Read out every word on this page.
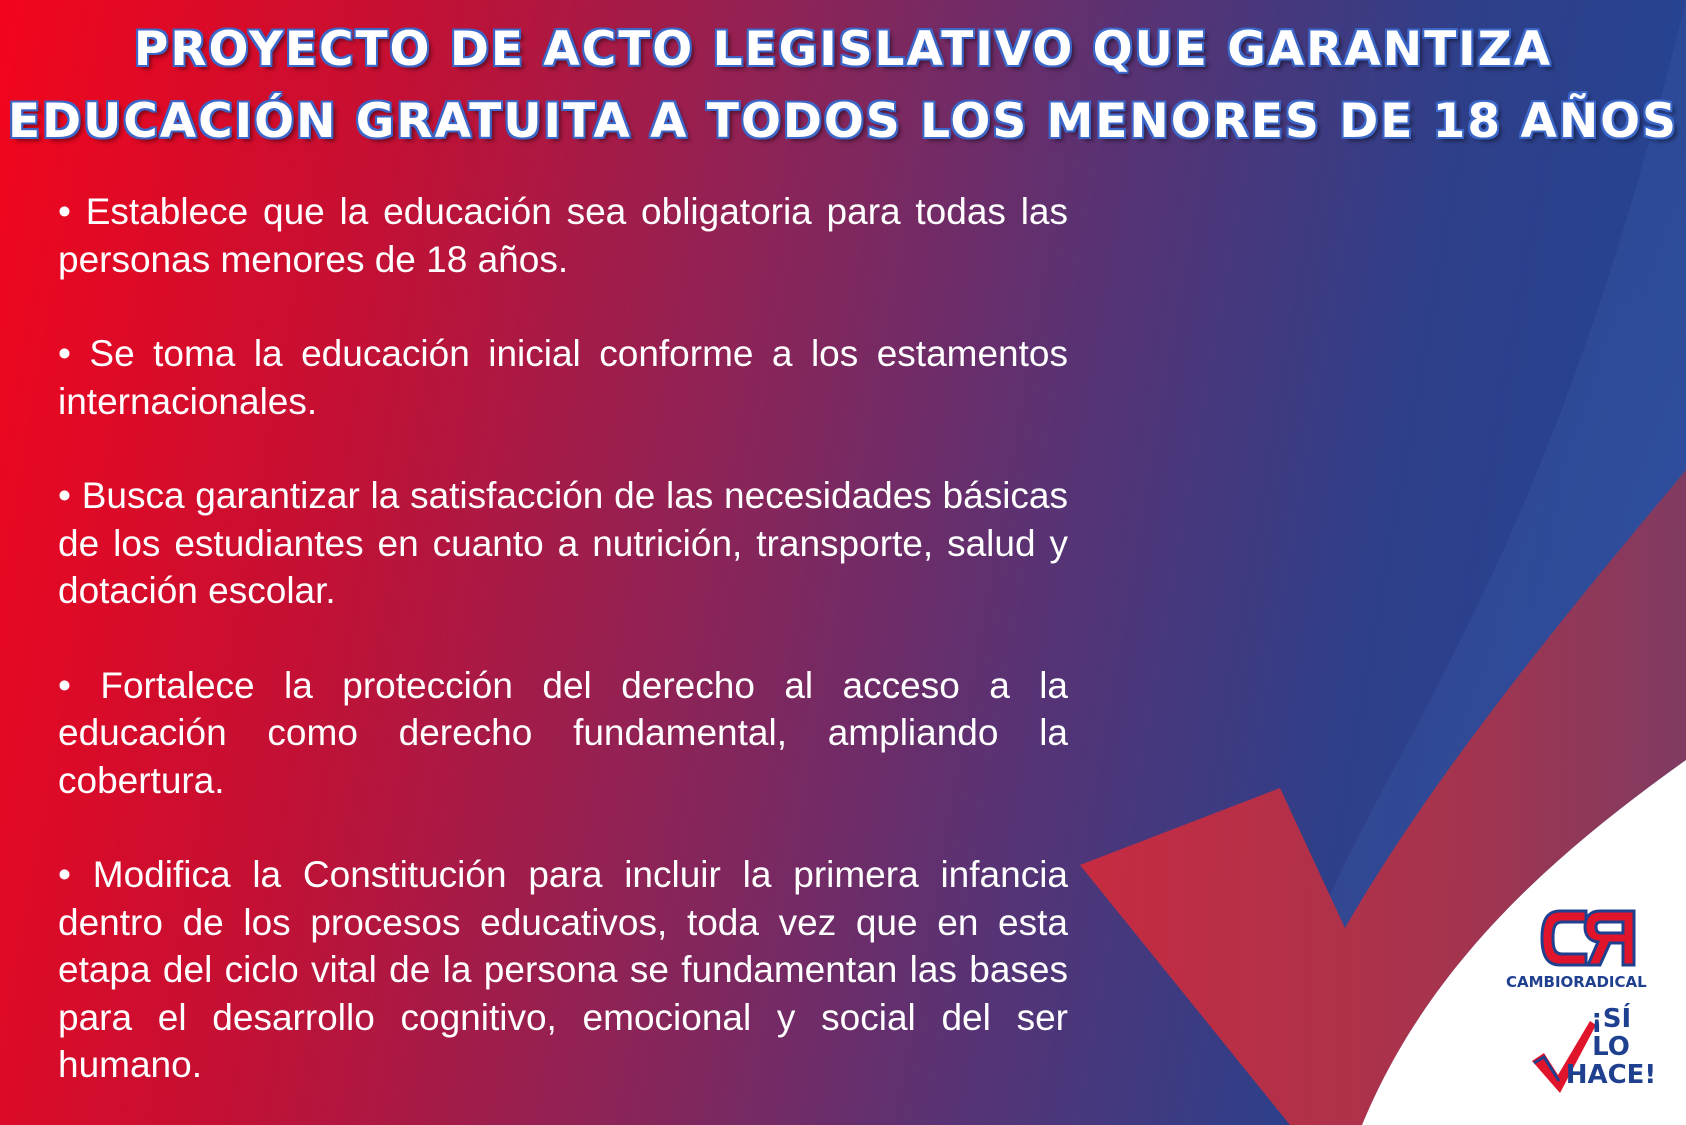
PROYECTO DE ACTO LEGISLATIVO QUE GARANTIZA
EDUCACIÓN GRATUITA A TODOS LOS MENORES DE 18 AÑOS

• Establece que la educación sea obligatoria para todas las personas menores de 18 años.

• Se toma la educación inicial conforme a los estamentos internacionales.

• Busca garantizar la satisfacción de las necesidades básicas de los estudiantes en cuanto a nutrición, transporte, salud y dotación escolar.

• Fortalece la protección del derecho al acceso a la educación como derecho fundamental, ampliando la cobertura.

• Modifica la Constitución para incluir la primera infancia dentro de los procesos educativos, toda vez que en esta etapa del ciclo vital de la persona se fundamentan las bases para el desarrollo cognitivo, emocional y social del ser humano.

CAMBIORADICAL
¡SÍ
LO
HACE!
